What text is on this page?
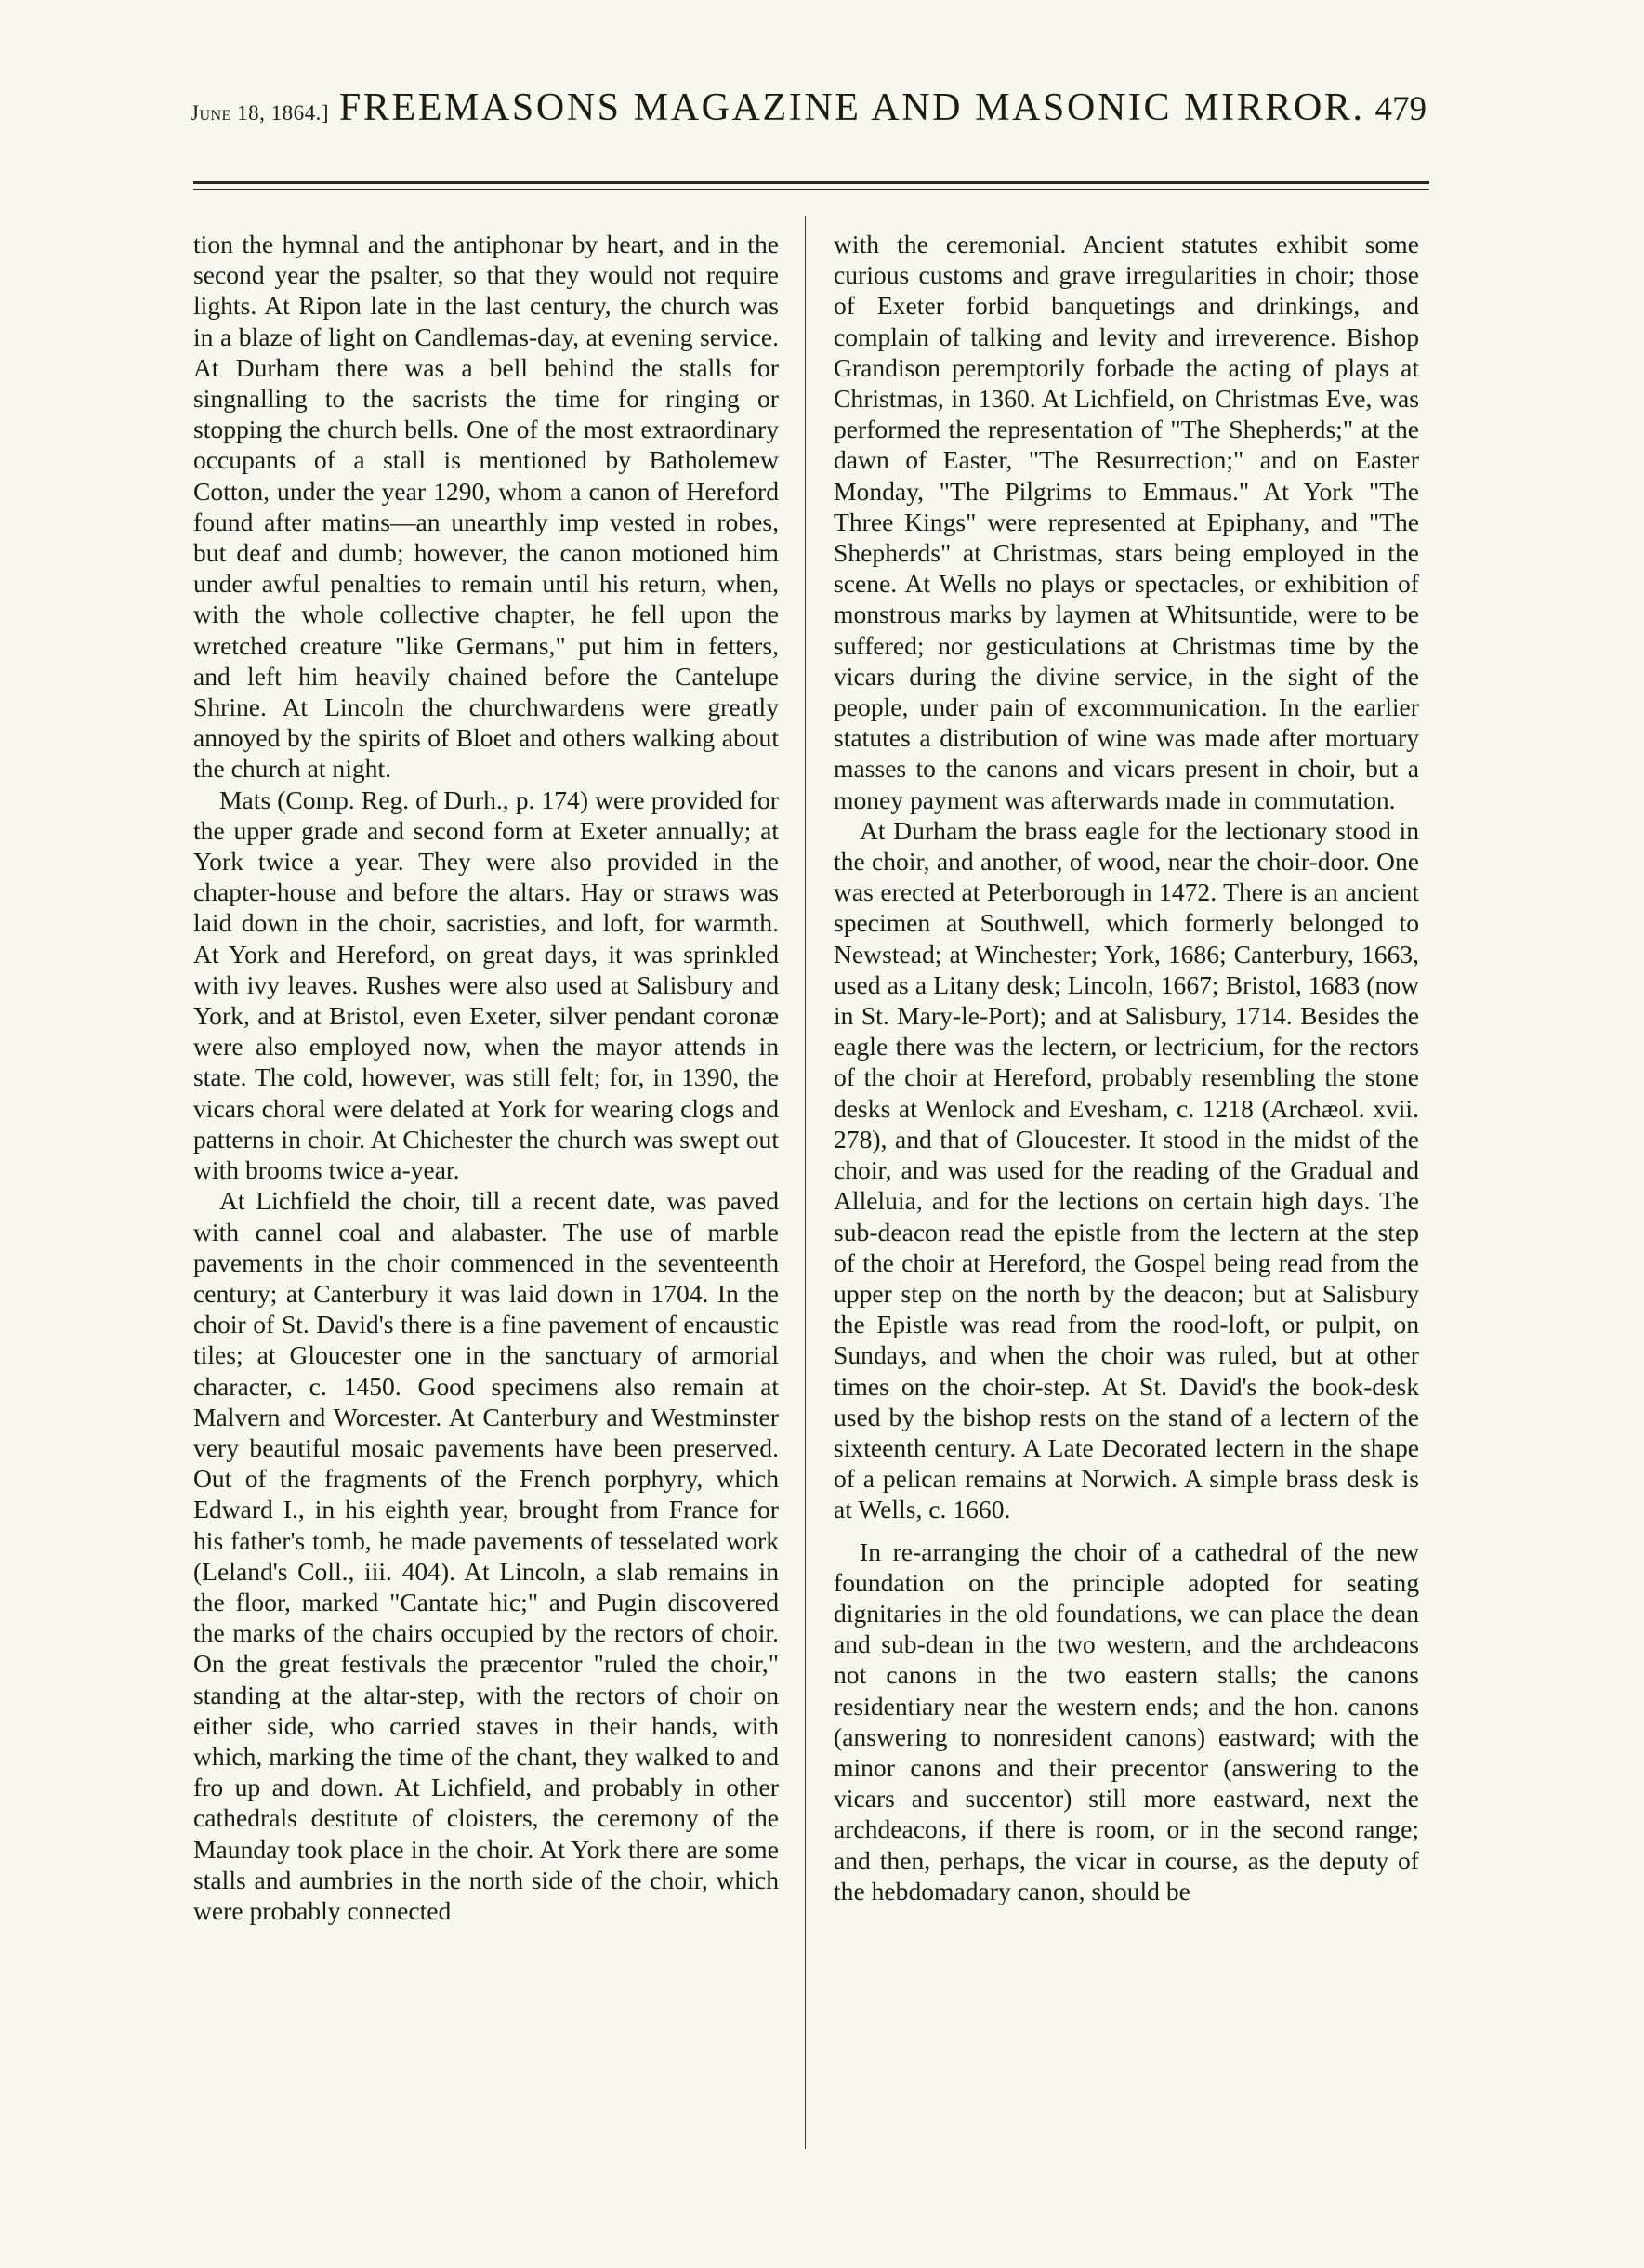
June 18, 1864.] FREEMASONS MAGAZINE AND MASONIC MIRROR. 479

tion the hymnal and the antiphonar by heart, and in the second year the psalter, so that they would not require lights. At Ripon late in the last century, the church was in a blaze of light on Candlemas-day, at evening service. At Durham there was a bell behind the stalls for singnalling to the sacrists the time for ringing or stopping the church bells. One of the most extraordinary occupants of a stall is mentioned by Batholemew Cotton, under the year 1290, whom a canon of Hereford found after matins—an unearthly imp vested in robes, but deaf and dumb; however, the canon motioned him under awful penalties to remain until his return, when, with the whole collective chapter, he fell upon the wretched creature "like Germans," put him in fetters, and left him heavily chained before the Cantelupe Shrine. At Lincoln the churchwardens were greatly annoyed by the spirits of Bloet and others walking about the church at night.

Mats (Comp. Reg. of Durh., p. 174) were provided for the upper grade and second form at Exeter annually; at York twice a year. They were also provided in the chapter-house and before the altars. Hay or straws was laid down in the choir, sacristies, and loft, for warmth. At York and Hereford, on great days, it was sprinkled with ivy leaves. Rushes were also used at Salisbury and York, and at Bristol, even Exeter, silver pendant coronæ were also employed now, when the mayor attends in state. The cold, however, was still felt; for, in 1390, the vicars choral were delated at York for wearing clogs and patterns in choir. At Chichester the church was swept out with brooms twice a-year.

At Lichfield the choir, till a recent date, was paved with cannel coal and alabaster. The use of marble pavements in the choir commenced in the seventeenth century; at Canterbury it was laid down in 1704. In the choir of St. David's there is a fine pavement of encaustic tiles; at Gloucester one in the sanctuary of armorial character, c. 1450. Good specimens also remain at Malvern and Worcester. At Canterbury and Westminster very beautiful mosaic pavements have been preserved. Out of the fragments of the French porphyry, which Edward I., in his eighth year, brought from France for his father's tomb, he made pavements of tesselated work (Leland's Coll., iii. 404). At Lincoln, a slab remains in the floor, marked "Cantate hic;" and Pugin discovered the marks of the chairs occupied by the rectors of choir. On the great festivals the præcentor "ruled the choir," standing at the altar-step, with the rectors of choir on either side, who carried staves in their hands, with which, marking the time of the chant, they walked to and fro up and down. At Lichfield, and probably in other cathedrals destitute of cloisters, the ceremony of the Maunday took place in the choir. At York there are some stalls and aumbries in the north side of the choir, which were probably connected

with the ceremonial. Ancient statutes exhibit some curious customs and grave irregularities in choir; those of Exeter forbid banquetings and drinkings, and complain of talking and levity and irreverence. Bishop Grandison peremptorily forbade the acting of plays at Christmas, in 1360. At Lichfield, on Christmas Eve, was performed the representation of "The Shepherds;" at the dawn of Easter, "The Resurrection;" and on Easter Monday, "The Pilgrims to Emmaus." At York "The Three Kings" were represented at Epiphany, and "The Shepherds" at Christmas, stars being employed in the scene. At Wells no plays or spectacles, or exhibition of monstrous marks by laymen at Whitsuntide, were to be suffered; nor gesticulations at Christmas time by the vicars during the divine service, in the sight of the people, under pain of excommunication. In the earlier statutes a distribution of wine was made after mortuary masses to the canons and vicars present in choir, but a money payment was afterwards made in commutation.

At Durham the brass eagle for the lectionary stood in the choir, and another, of wood, near the choir-door. One was erected at Peterborough in 1472. There is an ancient specimen at Southwell, which formerly belonged to Newstead; at Winchester; York, 1686; Canterbury, 1663, used as a Litany desk; Lincoln, 1667; Bristol, 1683 (now in St. Mary-le-Port); and at Salisbury, 1714. Besides the eagle there was the lectern, or lectricium, for the rectors of the choir at Hereford, probably resembling the stone desks at Wenlock and Evesham, c. 1218 (Archæol. xvii. 278), and that of Gloucester. It stood in the midst of the choir, and was used for the reading of the Gradual and Alleluia, and for the lections on certain high days. The sub-deacon read the epistle from the lectern at the step of the choir at Hereford, the Gospel being read from the upper step on the north by the deacon; but at Salisbury the Epistle was read from the rood-loft, or pulpit, on Sundays, and when the choir was ruled, but at other times on the choir-step. At St. David's the book-desk used by the bishop rests on the stand of a lectern of the sixteenth century. A Late Decorated lectern in the shape of a pelican remains at Norwich. A simple brass desk is at Wells, c. 1660.

In re-arranging the choir of a cathedral of the new foundation on the principle adopted for seating dignitaries in the old foundations, we can place the dean and sub-dean in the two western, and the archdeacons not canons in the two eastern stalls; the canons residentiary near the western ends; and the hon. canons (answering to nonresident canons) eastward; with the minor canons and their precentor (answering to the vicars and succentor) still more eastward, next the archdeacons, if there is room, or in the second range; and then, perhaps, the vicar in course, as the deputy of the hebdomadary canon, should be
